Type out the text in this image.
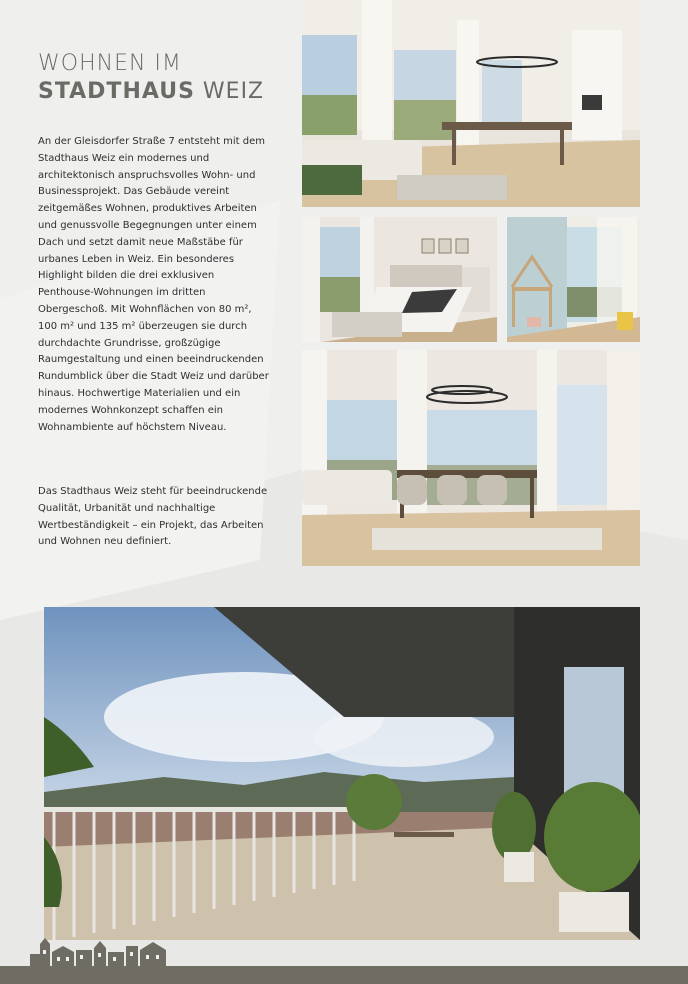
WOHNEN IM
STADTHAUS WEIZ

An der Gleisdorfer Straße 7 entsteht mit dem Stadthaus Weiz ein modernes und architektonisch anspruchsvolles Wohn- und Businessprojekt. Das Gebäude vereint zeitgemäßes Wohnen, produktives Arbeiten und genussvolle Begegnungen unter einem Dach und setzt damit neue Maßstäbe für urbanes Leben in Weiz. Ein besonderes Highlight bilden die drei exklusiven Penthouse-Wohnungen im dritten Obergeschoß. Mit Wohnflächen von 80 m², 100 m² und 135 m² überzeugen sie durch durchdachte Grundrisse, großzügige Raumgestaltung und einen beeindruckenden Rundumblick über die Stadt Weiz und darüber hinaus. Hochwertige Materialien und ein modernes Wohnkonzept schaffen ein Wohnambiente auf höchstem Niveau.

Das Stadthaus Weiz steht für beeindruckende Qualität, Urbanität und nachhaltige Wertbeständigkeit – ein Projekt, das Arbeiten und Wohnen neu definiert.
